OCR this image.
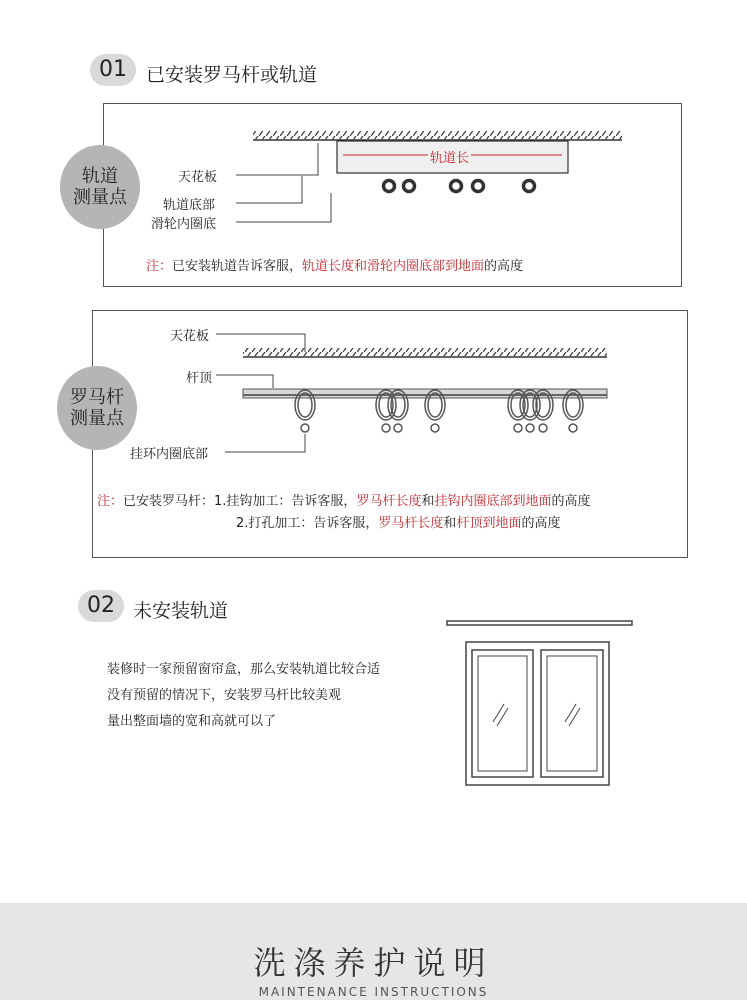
01	已安装罗马杆或轨道
轨道
测量点
天花板
轨道底部
滑轮内圈底
轨道长
注：已安装轨道告诉客服，轨道长度和滑轮内圈底部到地面的高度
罗马杆
测量点
天花板
杆顶
挂环内圈底部
注：已安装罗马杆：1.挂钩加工：告诉客服，罗马杆长度和挂钩内圈底部到地面的高度
2.打孔加工：告诉客服，罗马杆长度和杆顶到地面的高度
02 未安装轨道
装修时一家预留窗帘盒，那么安装轨道比较合适
没有预留的情况下，安装罗马杆比较美观
量出整面墙的宽和高就可以了
洗涤养护说明
MAINTENANCE INSTRUCTIONS
